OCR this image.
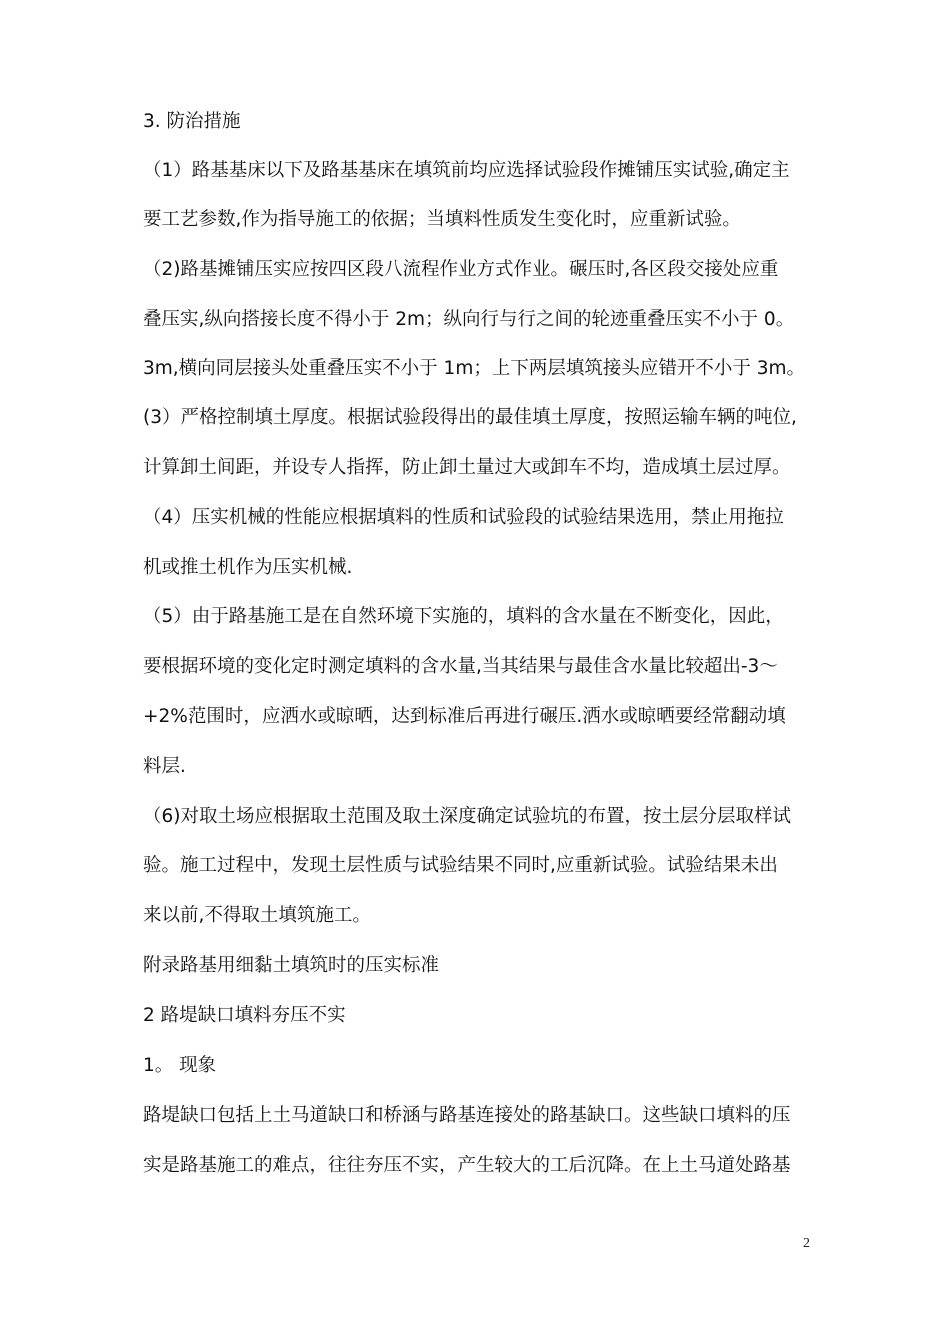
3. 防治措施
（1）路基基床以下及路基基床在填筑前均应选择试验段作摊铺压实试验,确定主
要工艺参数,作为指导施工的依据；当填料性质发生变化时，应重新试验。
（2)路基摊铺压实应按四区段八流程作业方式作业。碾压时,各区段交接处应重
叠压实,纵向搭接长度不得小于 2m；纵向行与行之间的轮迹重叠压实不小于 0。
3m,横向同层接头处重叠压实不小于 1m；上下两层填筑接头应错开不小于 3m。
(3）严格控制填土厚度。根据试验段得出的最佳填土厚度，按照运输车辆的吨位,
计算卸土间距，并设专人指挥，防止卸土量过大或卸车不均，造成填土层过厚。
（4）压实机械的性能应根据填料的性质和试验段的试验结果选用，禁止用拖拉
机或推土机作为压实机械.
（5）由于路基施工是在自然环境下实施的，填料的含水量在不断变化，因此，
要根据环境的变化定时测定填料的含水量,当其结果与最佳含水量比较超出-3～
+2%范围时，应洒水或晾晒，达到标准后再进行碾压.洒水或晾晒要经常翻动填
料层.
（6)对取土场应根据取土范围及取土深度确定试验坑的布置，按土层分层取样试
验。施工过程中，发现土层性质与试验结果不同时,应重新试验。试验结果未出
来以前,不得取土填筑施工。
附录路基用细黏土填筑时的压实标准
2 路堤缺口填料夯压不实
1。 现象
路堤缺口包括上土马道缺口和桥涵与路基连接处的路基缺口。这些缺口填料的压
实是路基施工的难点，往往夯压不实，产生较大的工后沉降。在上土马道处路基
2
